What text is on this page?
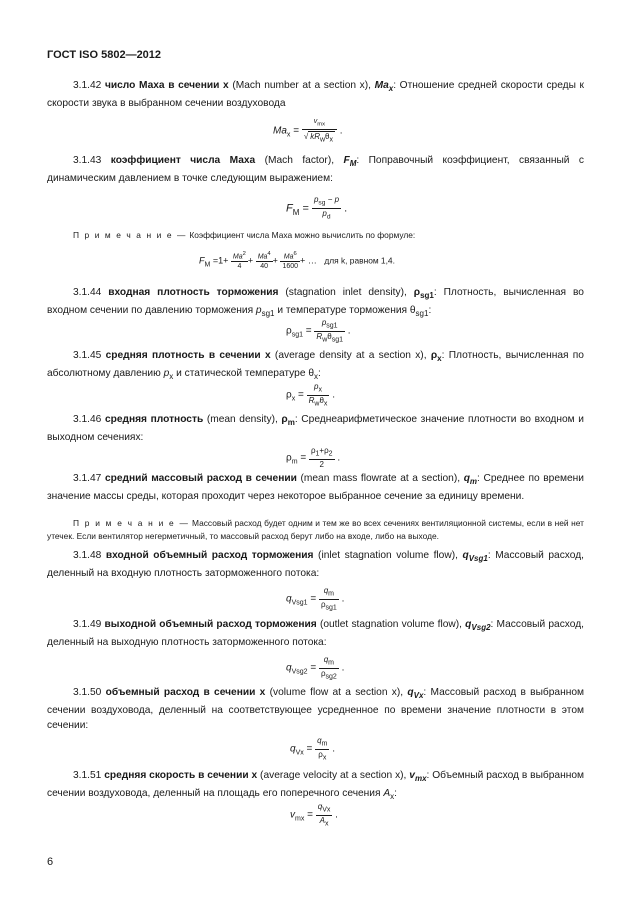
ГОСТ ISO 5802—2012
3.1.42 число Маха в сечении x (Mach number at a section x), $Ma_x$: Отношение средней скорости среды к скорости звука в выбранном сечении воздуховода
$Ma_x = \frac{v_{mx}}{√ kR_w\theta_x}$ .
3.1.43 коэффициент числа Маха (Mach factor), $F_M$: Поправочный коэффициент, связанный с динамическим давлением в точке следующим выражением:
$F_M = \frac{p_{sg} - p}{p_d}$ .
П р и м е ч а н и е — Коэффициент числа Маха можно вычислить по формуле:
$F_M =1+ \frac{Ma^2}{4} + \frac{Ma^4}{40} + \frac{Ma^6}{1600}$ + … для k, равном 1,4.
3.1.44 входная плотность торможения (stagnation inlet density), $\rho_{sg1}$: Плотность, вычисленная во входном сечении по давлению торможения $p_{sg1}$ и температуре торможения $\theta_{sg1}$:
$\rho_{sg1} = \frac{p_{sg1}}{R_w\theta_{sg1}}$ .
3.1.45 средняя плотность в сечении x (average density at a section x), $\rho_x$: Плотность, вычисленная по абсолютному давлению $p_x$ и статической температуре $\theta_x$:
$\rho_x = \frac{p_x}{R_w\theta_x}$ .
3.1.46 средняя плотность (mean density), $\rho_m$: Среднеарифметическое значение плотности во входном и выходном сечениях:
$\rho_m = \frac{\rho_1+\rho_2}{2}$ .
3.1.47 средний массовый расход в сечении (mean mass flowrate at a section), $q_m$: Среднее по времени значение массы среды, которая проходит через некоторое выбранное сечение за единицу времени.
П р и м е ч а н и е — Массовый расход будет одним и тем же во всех сечениях вентиляционной системы, если в ней нет утечек. Если вентилятор негерметичный, то массовый расход берут либо на входе, либо на выходе.
3.1.48 входной объемный расход торможения (inlet stagnation volume flow), $q_{Vsg1}$: Массовый расход, деленный на входную плотность заторможенного потока:
$q_{Vsg1} = \frac{q_m}{\rho_{sg1}}$ .
3.1.49 выходной объемный расход торможения (outlet stagnation volume flow), $q_{Vsg2}$: Массовый расход, деленный на выходную плотность заторможенного потока:
$q_{Vsg2} = \frac{q_m}{\rho_{sg2}}$ .
3.1.50 объемный расход в сечении x (volume flow at a section x), $q_{Vx}$: Массовый расход в выбранном сечении воздуховода, деленный на соответствующее усредненное по времени значение плотности в этом сечении:
$q_{Vx} = \frac{q_m}{\rho_x}$ .
3.1.51 средняя скорость в сечении x (average velocity at a section x), $v_{mx}$: Объемный расход в выбранном сечении воздуховода, деленный на площадь его поперечного сечения $A_x$:
$v_{mx} = \frac{q_{Vx}}{A_x}$ .
6
